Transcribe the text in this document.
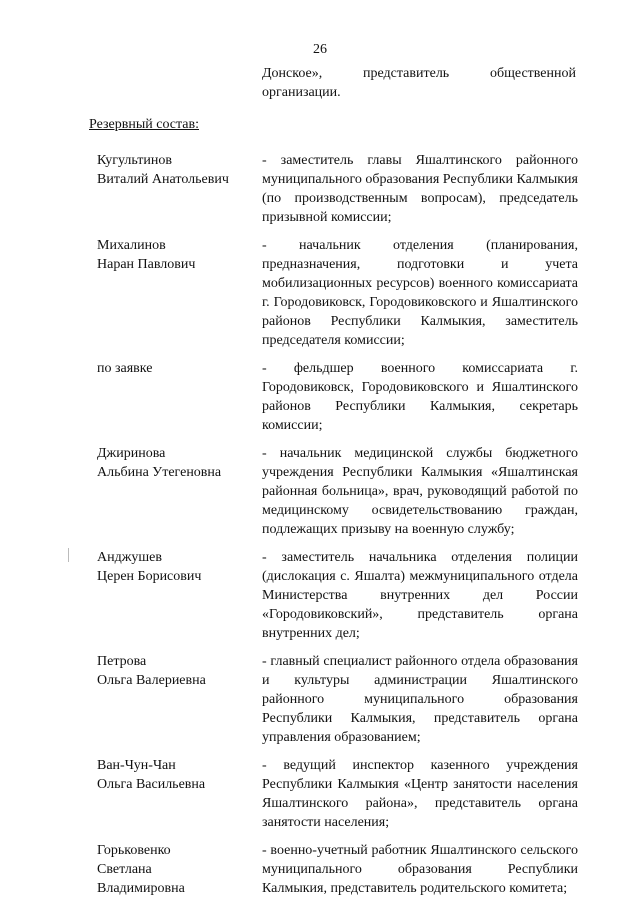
26
Донское», представитель общественной
организации.
Резервный состав:
Кугультинов
Виталий Анатольевич
- заместитель главы Яшалтинского районного муниципального образования Республики Калмыкия (по производственным вопросам), председатель призывной комиссии;
Михалинов
Наран Павлович
- начальник отделения (планирования, предназначения, подготовки и учета мобилизационных ресурсов) военного комиссариата г. Городовиковск, Городовиковского и Яшалтинского районов Республики Калмыкия, заместитель председателя комиссии;
по заявке	- фельдшер военного комиссариата г. Городовиковск, Городовиковского и Яшалтинского районов Республики Калмыкия, секретарь комиссии;
Джиринова
Альбина Утегеновна
- начальник медицинской службы бюджетного учреждения Республики Калмыкия «Яшалтинская районная больница», врач, руководящий работой по медицинскому освидетельствованию граждан, подлежащих призыву на военную службу;
Анджушев
Церен Борисович
- заместитель начальника отделения полиции (дислокация с. Яшалта) межмуниципального отдела Министерства внутренних дел России «Городовиковский», представитель органа внутренних дел;
Петрова
Ольга Валериевна
- главный специалист районного отдела образования и культуры администрации Яшалтинского районного муниципального образования Республики Калмыкия, представитель органа управления образованием;
Ван-Чун-Чан
Ольга Васильевна
- ведущий инспектор казенного учреждения Республики Калмыкия «Центр занятости населения Яшалтинского района», представитель органа занятости населения;
Горьковенко
Светлана
Владимировна
- военно-учетный работник Яшалтинского сельского муниципального образования Республики Калмыкия, представитель родительского комитета;
